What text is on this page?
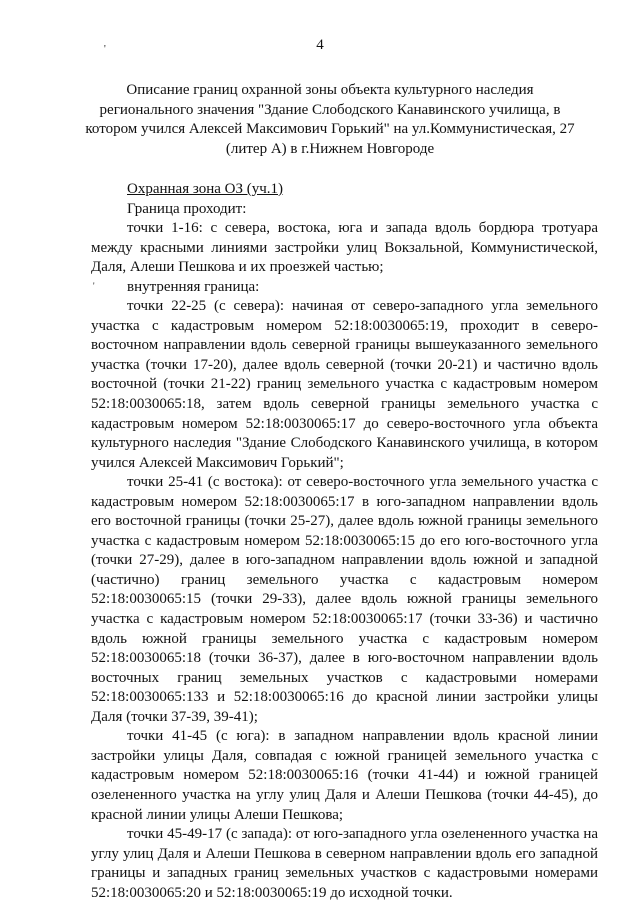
4
'
'
Описание границ охранной зоны объекта культурного наследия регионального значения "Здание Слободского Канавинского училища, в котором учился Алексей Максимович Горький" на ул.Коммунистическая, 27 (литер А) в г.Нижнем Новгороде

Охранная зона ОЗ (уч.1)

Граница проходит:

точки 1-16: с севера, востока, юга и запада вдоль бордюра тротуара между красными линиями застройки улиц Вокзальной, Коммунистической, Даля, Алеши Пешкова и их проезжей частью;

внутренняя граница:

точки 22-25 (с севера): начиная от северо-западного угла земельного участка с кадастровым номером 52:18:0030065:19, проходит в северо-восточном направлении вдоль северной границы вышеуказанного земельного участка (точки 17-20), далее вдоль северной (точки 20-21) и частично вдоль восточной (точки 21-22) границ земельного участка с кадастровым номером 52:18:0030065:18, затем вдоль северной границы земельного участка с кадастровым номером 52:18:0030065:17 до северо-восточного угла объекта культурного наследия "Здание Слободского Канавинского училища, в котором учился Алексей Максимович Горький";

точки 25-41 (с востока): от северо-восточного угла земельного участка с кадастровым номером 52:18:0030065:17 в юго-западном направлении вдоль его восточной границы (точки 25-27), далее вдоль южной границы земельного участка с кадастровым номером 52:18:0030065:15 до его юго-восточного угла (точки 27-29), далее в юго-западном направлении вдоль южной и западной (частично) границ земельного участка с кадастровым номером 52:18:0030065:15 (точки 29-33), далее вдоль южной границы земельного участка с кадастровым номером 52:18:0030065:17 (точки 33-36) и частично вдоль южной границы земельного участка с кадастровым номером 52:18:0030065:18 (точки 36-37), далее в юго-восточном направлении вдоль восточных границ земельных участков с кадастровыми номерами 52:18:0030065:133 и 52:18:0030065:16 до красной линии застройки улицы Даля (точки 37-39, 39-41);

точки 41-45 (с юга): в западном направлении вдоль красной линии застройки улицы Даля, совпадая с южной границей земельного участка с кадастровым номером 52:18:0030065:16 (точки 41-44) и южной границей озелененного участка на углу улиц Даля и Алеши Пешкова (точки 44-45), до красной линии улицы Алеши Пешкова;

точки 45-49-17 (с запада): от юго-западного угла озелененного участка на углу улиц Даля и Алеши Пешкова в северном направлении вдоль его западной границы и западных границ земельных участков с кадастровыми номерами 52:18:0030065:20 и 52:18:0030065:19 до исходной точки.
